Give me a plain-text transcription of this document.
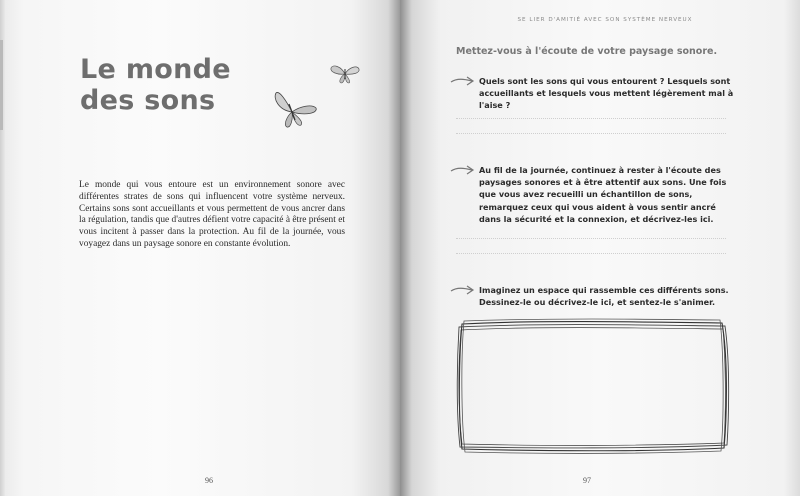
Le monde
des sons

Le monde qui vous entoure est un environnement sonore avec différentes strates de sons qui influencent votre système nerveux. Certains sons sont accueillants et vous permettent de vous ancrer dans la régulation, tandis que d'autres défient votre capacité à être présent et vous incitent à passer dans la protection. Au fil de la journée, vous voyagez dans un paysage sonore en constante évolution.

96
SE LIER D'AMITIÉ AVEC SON SYSTÈME NERVEUX

Mettez-vous à l'écoute de votre paysage sonore.

Quels sont les sons qui vous entourent ? Lesquels sont accueillants et lesquels vous mettent légèrement mal à l'aise ?

Au fil de la journée, continuez à rester à l'écoute des paysages sonores et à être attentif aux sons. Une fois que vous avez recueilli un échantillon de sons, remarquez ceux qui vous aident à vous sentir ancré dans la sécurité et la connexion, et décrivez-les ici.

Imaginez un espace qui rassemble ces différents sons. Dessinez-le ou décrivez-le ici, et sentez-le s'animer.

97
